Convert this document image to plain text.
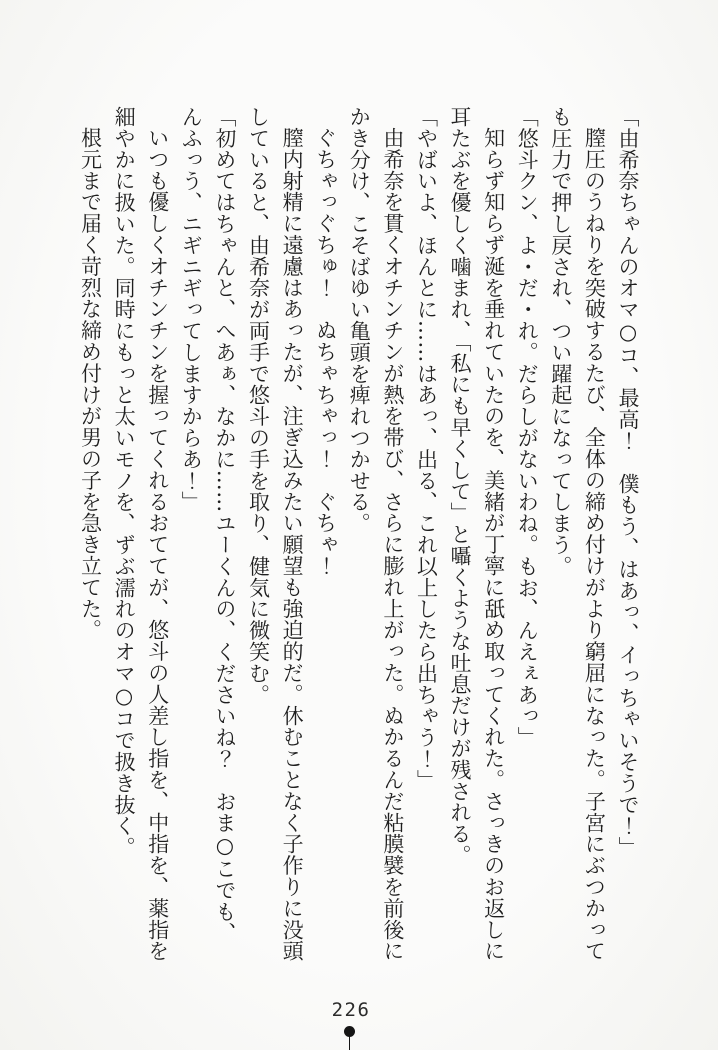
「由希奈ちゃんのオマ○コ、最高！　僕もう、はあっ、イっちゃいそうで！」

膣圧のうねりを突破するたび、全体の締め付けがより窮屈になった。子宮にぶつかっても圧力で押し戻され、つい躍起になってしまう。

「悠斗クン、よ・だ・れ。だらしがないわね。もお、んえぇあっ」

知らず知らず涎を垂れていたのを、美緒が丁寧に舐め取ってくれた。さっきのお返しに耳たぶを優しく噛まれ、「私にも早くして」と囁くような吐息だけが残される。

「やばいよ、ほんとに……はあっ、出る、これ以上したら出ちゃう！」

由希奈を貫くオチンチンが熱を帯び、さらに膨れ上がった。ぬかるんだ粘膜襞を前後にかき分け、こそばゆい亀頭を痺れつかせる。

ぐちゃっぐちゅ！　ぬちゃちゃっ！　ぐちゃ！

膣内射精に遠慮はあったが、注ぎ込みたい願望も強迫的だ。休むことなく子作りに没頭していると、由希奈が両手で悠斗の手を取り、健気に微笑む。

「初めてはちゃんと、へあぁ、なかに……ユーくんの、くださいね？　おま○こでも、んふっう、ニギニギってしますからあ！」

いつも優しくオチンチンを握ってくれるおててが、悠斗の人差し指を、中指を、薬指を細やかに扱いた。同時にもっと太いモノを、ずぶ濡れのオマ○コで扱き抜く。

根元まで届く苛烈な締め付けが男の子を急き立てた。

226
